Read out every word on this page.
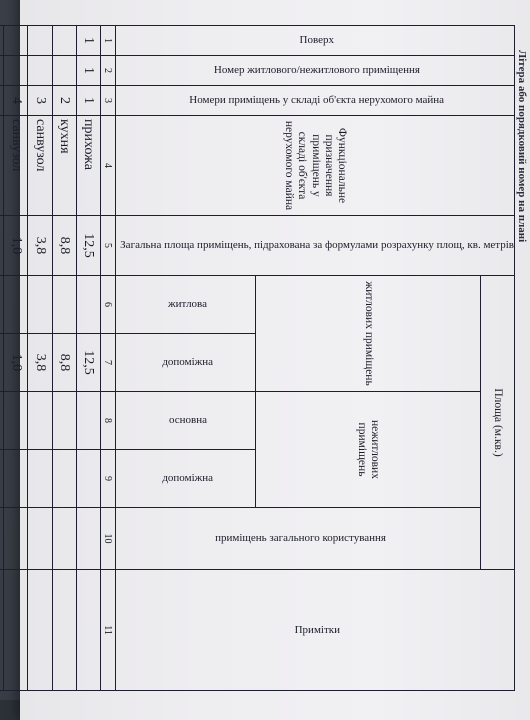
Літера або порядковий номер на плані
Поверх	Номер житлового/нежитлового приміщення	Номери приміщень у складі об'єкта нерухомого майна	Функціональне призначення приміщень у складі об'єкта нерухомого майна	Загальна площа приміщень, підрахована за формулами розрахунку площ, кв. метрів	Площа (м.кв.)					Примітки
					житлових приміщень		нежитлових приміщень		приміщень загального користування	
					житлова	допоміжна	основна	допоміжна		
1	2	3	4	5	6	7	8	9	10	11
1	1	1	прихожа	12,5		12,5				
		2	кухня	8,8		8,8				
		3	санвузол	3,8		3,8				
		4	санвузол	1,0		1,0				
